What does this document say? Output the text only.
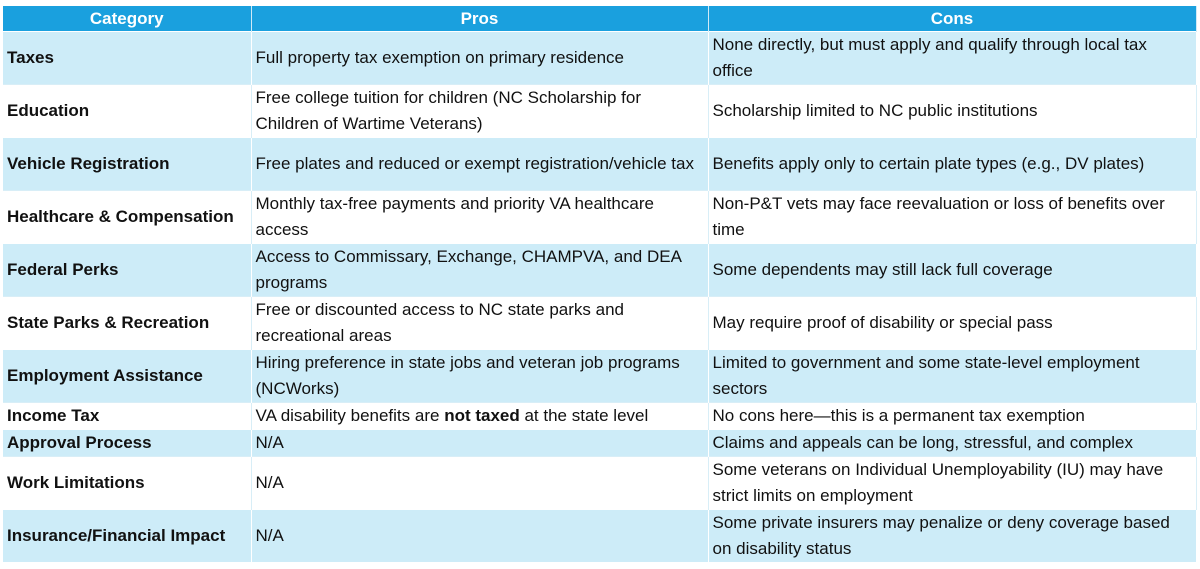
Category	Pros	Cons
Taxes	Full property tax exemption on primary residence	None directly, but must apply and qualify through local tax office
Education	Free college tuition for children (NC Scholarship for Children of Wartime Veterans)	Scholarship limited to NC public institutions
Vehicle Registration	Free plates and reduced or exempt registration/vehicle tax	Benefits apply only to certain plate types (e.g., DV plates)
Healthcare & Compensation	Monthly tax-free payments and priority VA healthcare access	Non-P&T vets may face reevaluation or loss of benefits over time
Federal Perks	Access to Commissary, Exchange, CHAMPVA, and DEA programs	Some dependents may still lack full coverage
State Parks & Recreation	Free or discounted access to NC state parks and recreational areas	May require proof of disability or special pass
Employment Assistance	Hiring preference in state jobs and veteran job programs (NCWorks)	Limited to government and some state-level employment sectors
Income Tax	VA disability benefits are not taxed at the state level	No cons here—this is a permanent tax exemption
Approval Process	N/A	Claims and appeals can be long, stressful, and complex
Work Limitations	N/A	Some veterans on Individual Unemployability (IU) may have strict limits on employment
Insurance/Financial Impact	N/A	Some private insurers may penalize or deny coverage based on disability status
